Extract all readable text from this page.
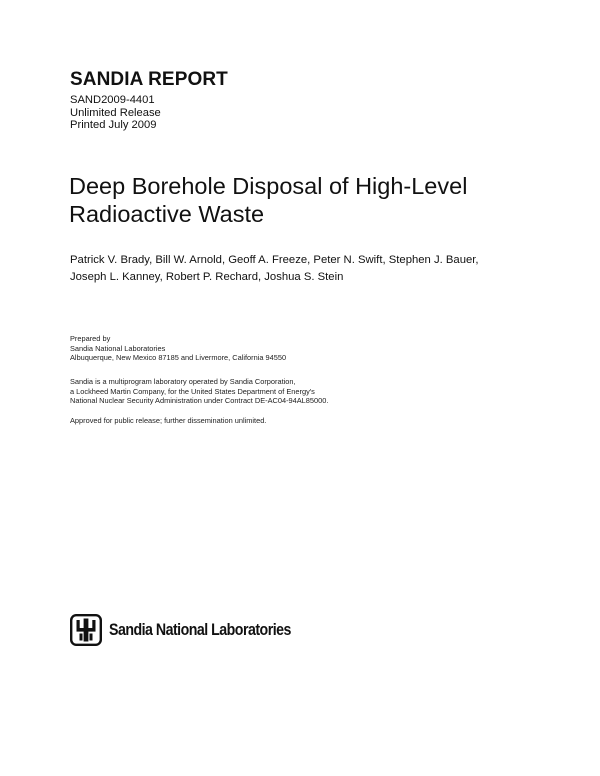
SANDIA REPORT
SAND2009-4401
Unlimited Release
Printed July 2009
Deep Borehole Disposal of High-Level
Radioactive Waste
Patrick V. Brady, Bill W. Arnold, Geoff A. Freeze, Peter N. Swift, Stephen J. Bauer,
Joseph L. Kanney, Robert P. Rechard, Joshua S. Stein
Prepared by
Sandia National Laboratories
Albuquerque, New Mexico 87185 and Livermore, California 94550
Sandia is a multiprogram laboratory operated by Sandia Corporation,
a Lockheed Martin Company, for the United States Department of Energy's
National Nuclear Security Administration under Contract DE-AC04-94AL85000.
Approved for public release; further dissemination unlimited.
Sandia National Laboratories
